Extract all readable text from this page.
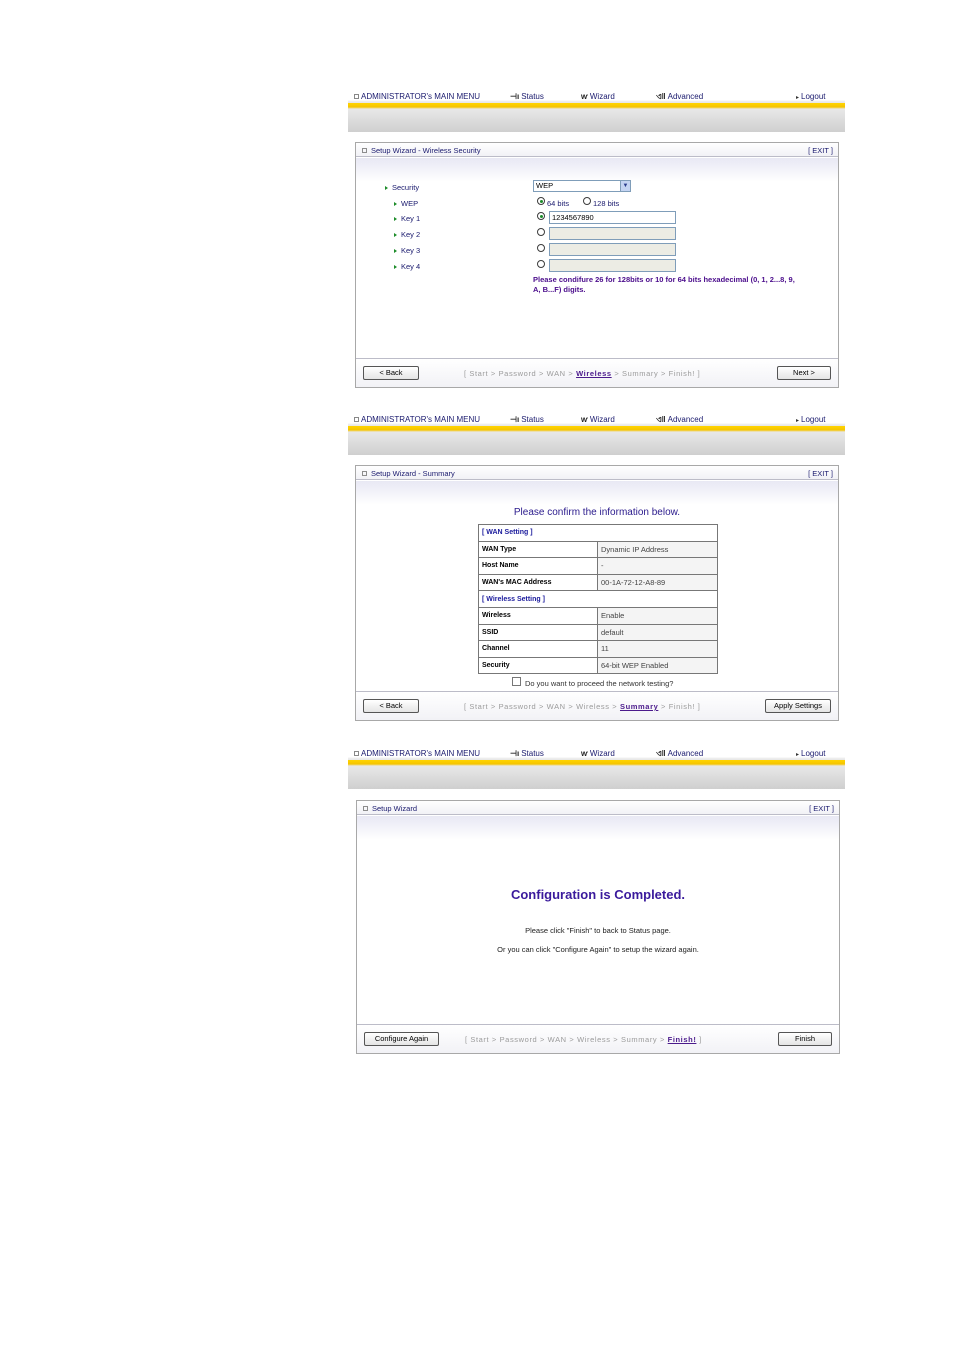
ADMINISTRATOR's MAIN MENU	⊣ı Status	ⱳ Wizard	ଏ‖ Advanced	▸ Logout
Setup Wizard - Wireless Security	[ EXIT ]
Security	WEP	▼
WEP	64 bits	128 bits
Key 1	1234567890
Key 2
Key 3
Key 4
Please condifure 26 for 128bits or 10 for 64 bits hexadecimal (0, 1, 2...8, 9,
A, B...F) digits.
< Back	[ Start > Password > WAN > Wireless > Summary > Finish! ]	Next >
ADMINISTRATOR's MAIN MENU	⊣ı Status	ⱳ Wizard	ଏ‖ Advanced	▸ Logout
Setup Wizard - Summary	[ EXIT ]
Please confirm the information below.
[ WAN Setting ]	
WAN Type	Dynamic IP Address
Host Name	-
WAN's MAC Address	00-1A-72-12-A8-89
[ Wireless Setting ]	
Wireless	Enable
SSID	default
Channel	11
Security	64-bit WEP Enabled
Do you want to proceed the network testing?
< Back	[ Start > Password > WAN > Wireless > Summary > Finish! ]	Apply Settings
ADMINISTRATOR's MAIN MENU	⊣ı Status	ⱳ Wizard	ଏ‖ Advanced	▸ Logout
Setup Wizard	[ EXIT ]
Configuration is Completed.
Please click "Finish" to back to Status page.
Or you can click "Configure Again" to setup the wizard again.
Configure Again	[ Start > Password > WAN > Wireless > Summary > Finish! ]	Finish
